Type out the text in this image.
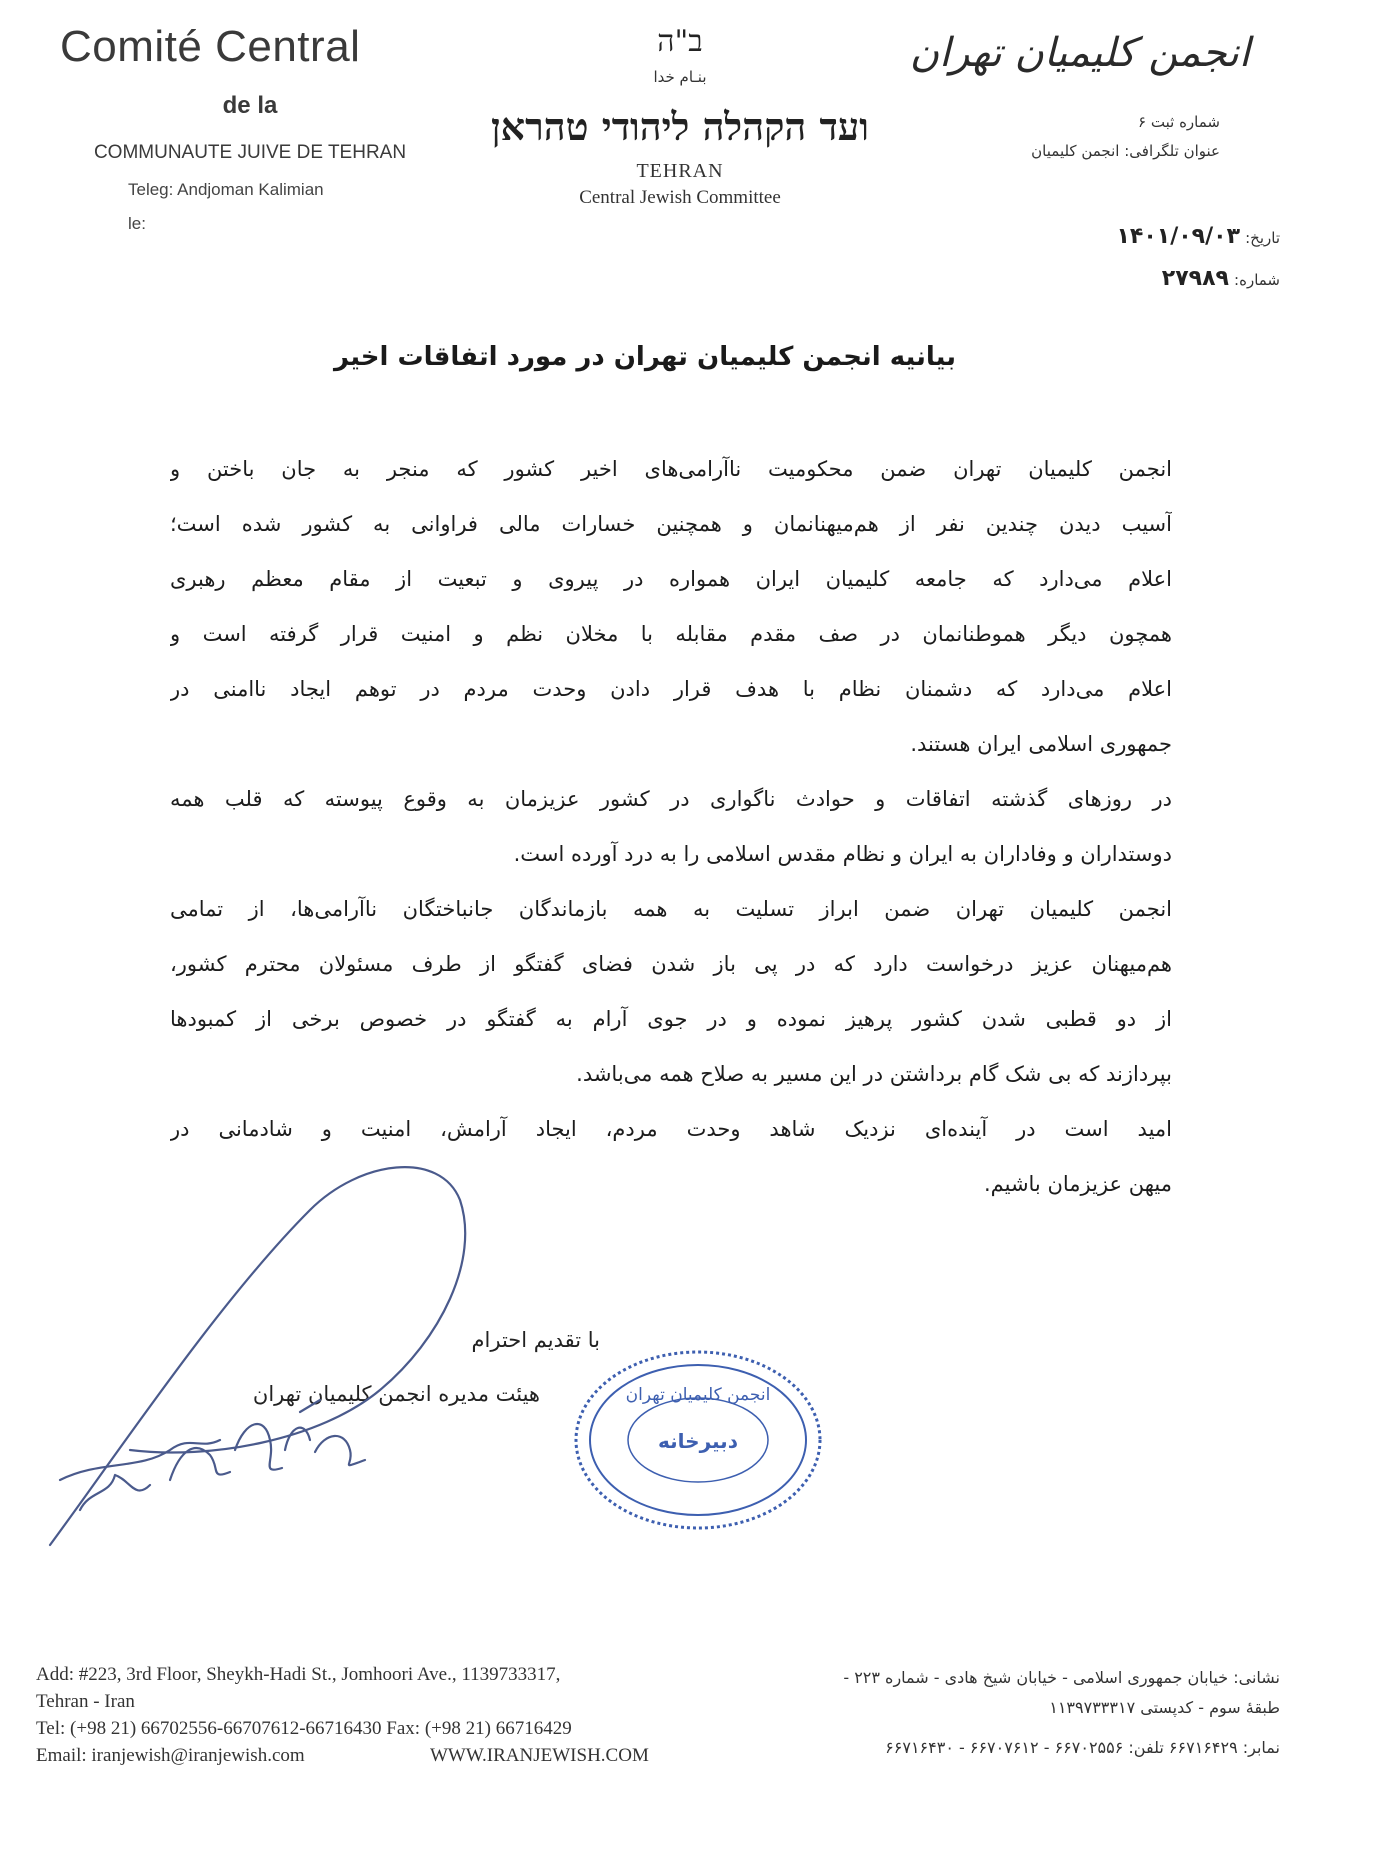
Comité Central
de la
COMMUNAUTE JUIVE DE TEHRAN
Teleg: Andjoman Kalimian
le:
ב"ה
بنـام خدا
ועד הקהלה ליהודי טהראן
TEHRAN
Central Jewish Committee
انجمن کلیمیان تهران
شماره ثبت ۶
عنوان تلگرافی: انجمن کلیمیان
تاریخ: ۱۴۰۱/۰۹/۰۳
شماره: ۲۷۹۸۹
بیانیه انجمن کلیمیان تهران در مورد اتفاقات اخیر
انجمن کلیمیان تهران ضمن محکومیت ناآرامی‌های اخیر کشور که منجر به جان باختن و
آسیب دیدن چندین نفر از هم‌میهنانمان و همچنین خسارات مالی فراوانی به کشور شده است؛
اعلام می‌دارد که جامعه کلیمیان ایران همواره در پیروی و تبعیت از مقام معظم رهبری
همچون دیگر هموطنانمان در صف مقدم مقابله با مخلان نظم و امنیت قرار گرفته است و
اعلام می‌دارد که دشمنان نظام با هدف قرار دادن وحدت مردم در توهم ایجاد ناامنی در
جمهوری اسلامی ایران هستند.
در روزهای گذشته اتفاقات و حوادث ناگواری در کشور عزیزمان به وقوع پیوسته که قلب همه
دوستداران و وفاداران به ایران و نظام مقدس اسلامی را به درد آورده است.
انجمن کلیمیان تهران ضمن ابراز تسلیت به همه بازماندگان جانباختگان ناآرامی‌ها، از تمامی
هم‌میهنان عزیز درخواست دارد که در پی باز شدن فضای گفتگو از طرف مسئولان محترم کشور،
از دو قطبی شدن کشور پرهیز نموده و در جوی آرام به گفتگو در خصوص برخی از کمبودها
بپردازند که بی شک گام برداشتن در این مسیر به صلاح همه می‌باشد.
امید است در آینده‌ای نزدیک شاهد وحدت مردم، ایجاد آرامش، امنیت و شادمانی در
میهن عزیزمان باشیم.
با تقدیم احترام
هیئت مدیره انجمن کلیمیان تهران	انجمن کلیمیان تهران
دبیرخانه
Add: #223, 3rd Floor, Sheykh-Hadi St., Jomhoori Ave., 1139733317,
Tehran - Iran
Tel: (+98 21) 66702556-66707612-66716430 Fax: (+98 21) 66716429
Email: iranjewish@iranjewish.com	WWW.IRANJEWISH.COM
نشانی: خیابان جمهوری اسلامی - خیابان شیخ هادی - شماره ۲۲۳ -
طبقهٔ سوم - کدپستی ۱۱۳۹۷۳۳۳۱۷
نمابر: ۶۶۷۱۶۴۲۹ تلفن: ۶۶۷۰۲۵۵۶ - ۶۶۷۰۷۶۱۲ - ۶۶۷۱۶۴۳۰
